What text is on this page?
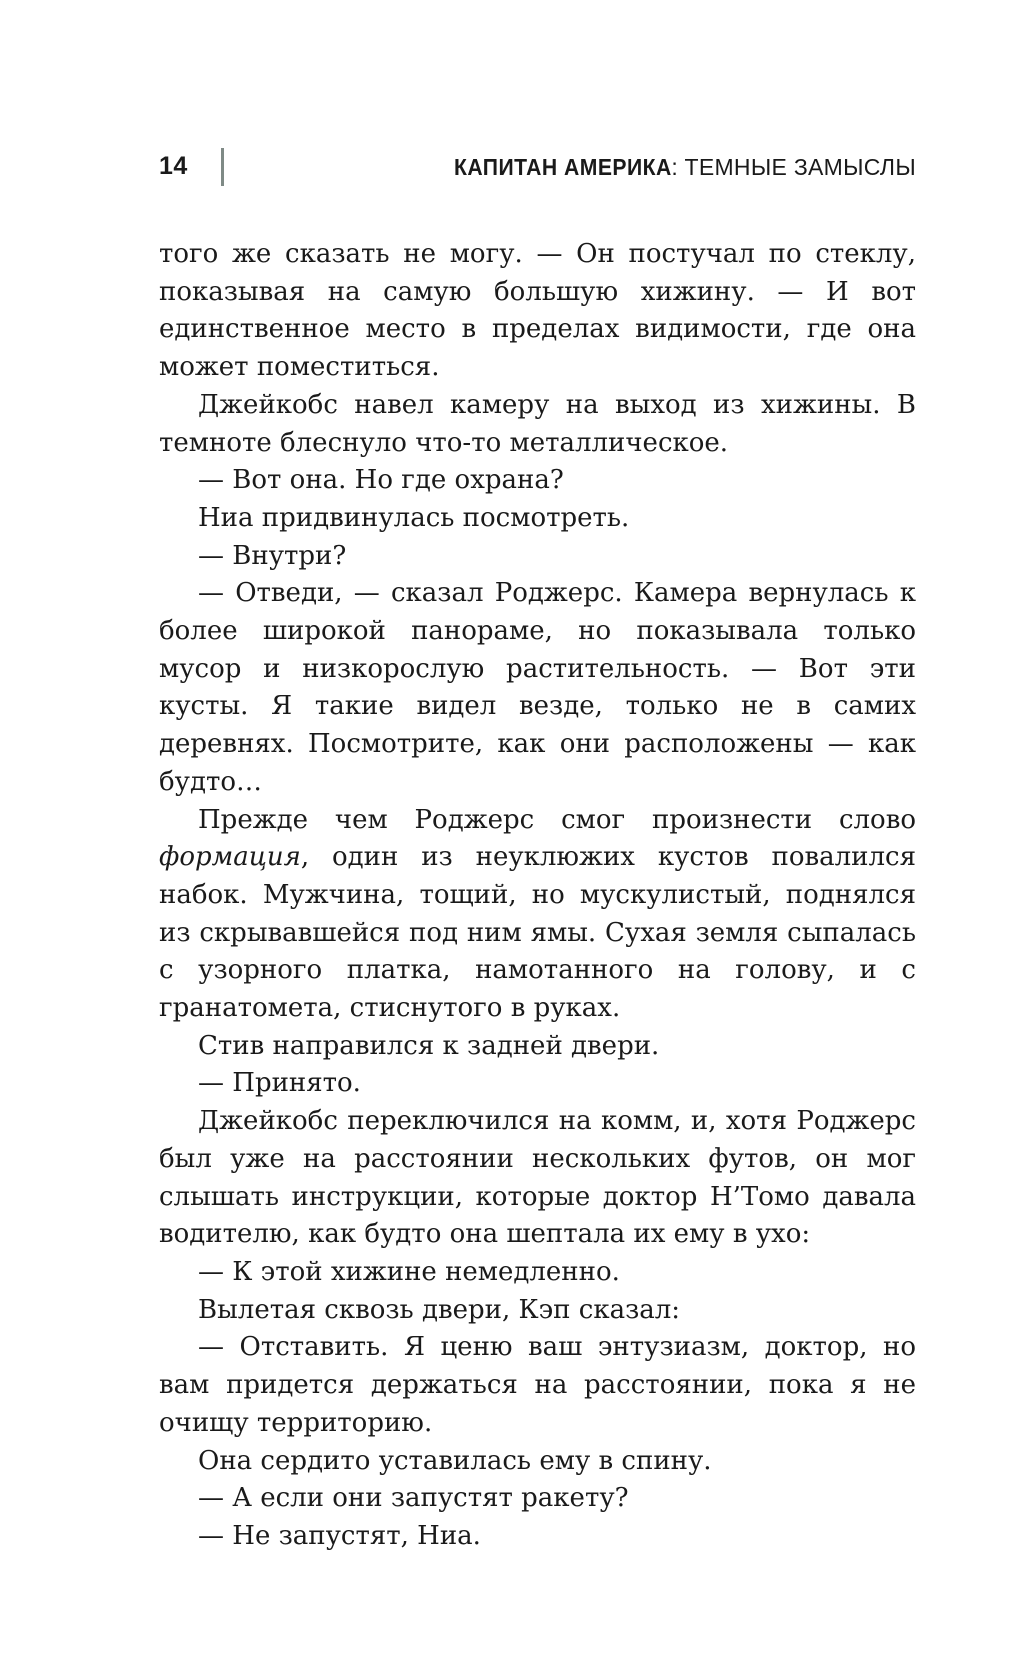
14	КАПИТАН АМЕРИКА: ТЕМНЫЕ ЗАМЫСЛЫ

того же сказать не могу. — Он постучал по стеклу, показывая на самую большую хижину. — И вот единственное место в пределах видимости, где она может поместиться.

Джейкобс навел камеру на выход из хижины. В темноте блеснуло что-то металлическое.

— Вот она. Но где охрана?

Ниа придвинулась посмотреть.

— Внутри?

— Отведи, — сказал Роджерс. Камера вернулась к более широкой панораме, но показывала только мусор и низкорослую растительность. — Вот эти кусты. Я такие видел везде, только не в самих деревнях. Посмотрите, как они расположены — как будто…

Прежде чем Роджерс смог произнести слово формация, один из неуклюжих кустов повалился набок. Мужчина, тощий, но мускулистый, поднялся из скрывавшейся под ним ямы. Сухая земля сыпалась с узорного платка, намотанного на голову, и с гранатомета, стиснутого в руках.

Стив направился к задней двери.

— Принято.

Джейкобс переключился на комм, и, хотя Роджерс был уже на расстоянии нескольких футов, он мог слышать инструкции, которые доктор Н’Томо давала водителю, как будто она шептала их ему в ухо:

— К этой хижине немедленно.

Вылетая сквозь двери, Кэп сказал:

— Отставить. Я ценю ваш энтузиазм, доктор, но вам придется держаться на расстоянии, пока я не очищу территорию.

Она сердито уставилась ему в спину.

— А если они запустят ракету?

— Не запустят, Ниа.
